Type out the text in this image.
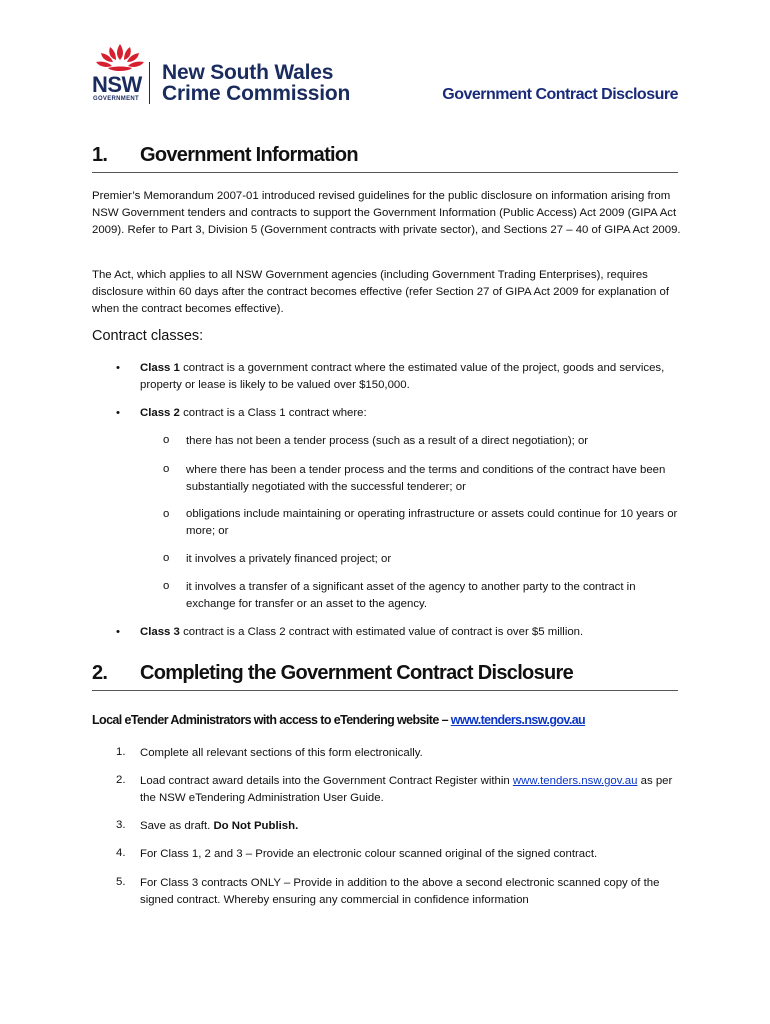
NSW
GOVERNMENT
New South Wales
Crime Commission	Government Contract Disclosure
1. Government Information
Premier’s Memorandum 2007-01 introduced revised guidelines for the public disclosure on information arising from NSW Government tenders and contracts to support the Government Information (Public Access) Act 2009 (GIPA Act 2009). Refer to Part 3, Division 5 (Government contracts with private sector), and Sections 27 – 40 of GIPA Act 2009.
The Act, which applies to all NSW Government agencies (including Government Trading Enterprises), requires disclosure within 60 days after the contract becomes effective (refer Section 27 of GIPA Act 2009 for explanation of when the contract becomes effective).
Contract classes:
• Class 1 contract is a government contract where the estimated value of the project, goods and services, property or lease is likely to be valued over $150,000.
• Class 2 contract is a Class 1 contract where:
o there has not been a tender process (such as a result of a direct negotiation); or
o where there has been a tender process and the terms and conditions of the contract have been substantially negotiated with the successful tenderer; or
o obligations include maintaining or operating infrastructure or assets could continue for 10 years or more; or
o it involves a privately financed project; or
o it involves a transfer of a significant asset of the agency to another party to the contract in exchange for transfer or an asset to the agency.
• Class 3 contract is a Class 2 contract with estimated value of contract is over $5 million.
2. Completing the Government Contract Disclosure
Local eTender Administrators with access to eTendering website – www.tenders.nsw.gov.au
1. Complete all relevant sections of this form electronically.
2. Load contract award details into the Government Contract Register within www.tenders.nsw.gov.au as per the NSW eTendering Administration User Guide.
3. Save as draft. Do Not Publish.
4. For Class 1, 2 and 3 – Provide an electronic colour scanned original of the signed contract.
5. For Class 3 contracts ONLY – Provide in addition to the above a second electronic scanned copy of the signed contract. Whereby ensuring any commercial in confidence information
